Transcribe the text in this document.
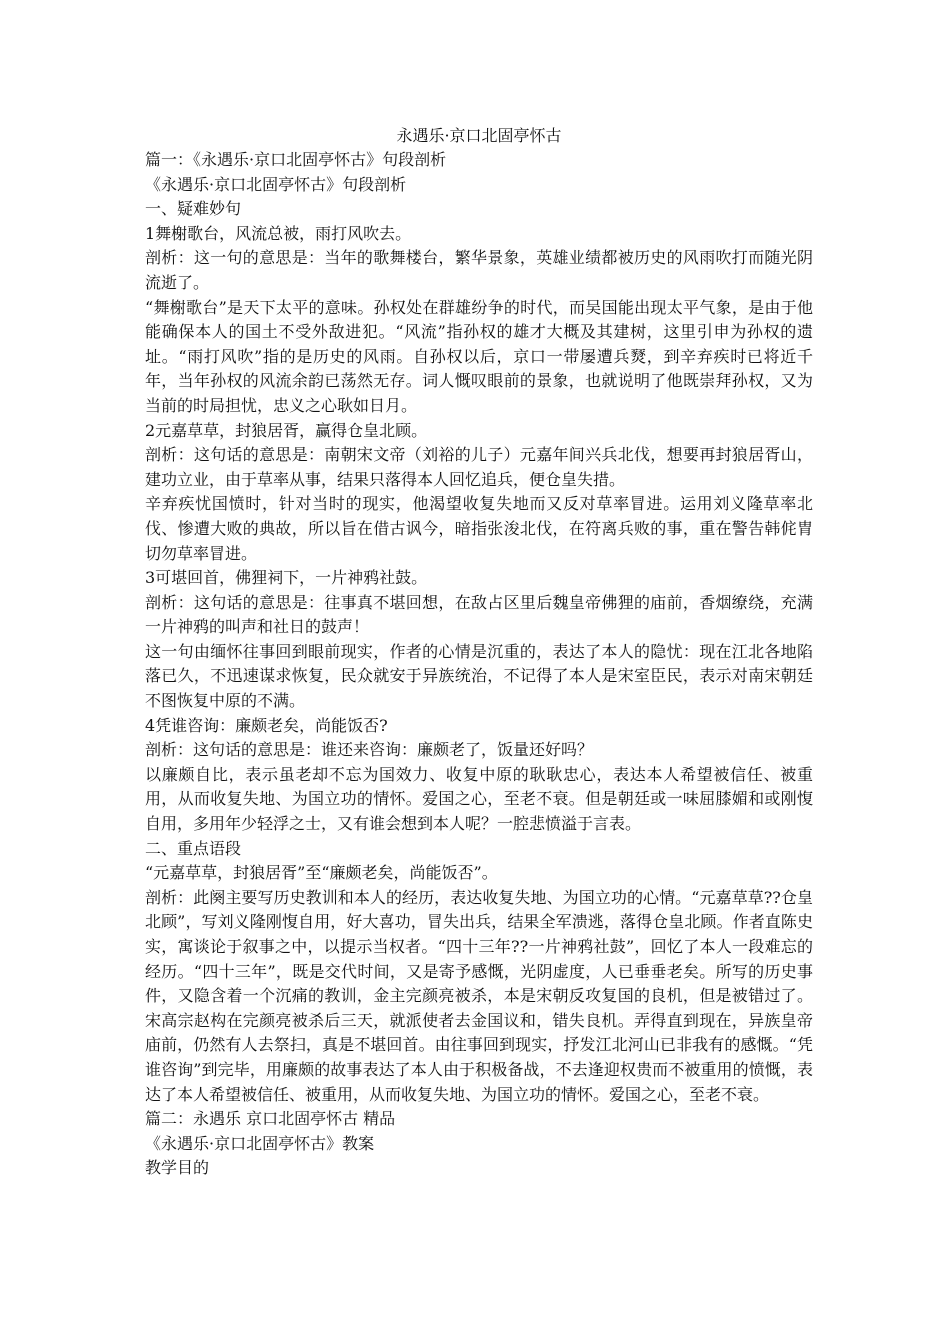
永遇乐·京口北固亭怀古

篇一：《永遇乐·京口北固亭怀古》句段剖析

《永遇乐·京口北固亭怀古》句段剖析

一、疑难妙句

1舞榭歌台，风流总被，雨打风吹去。

剖析：这一句的意思是：当年的歌舞楼台，繁华景象，英雄业绩都被历史的风雨吹打而随光阴流逝了。

“舞榭歌台”是天下太平的意味。孙权处在群雄纷争的时代，而吴国能出现太平气象，是由于他能确保本人的国土不受外敌进犯。“风流”指孙权的雄才大概及其建树，这里引申为孙权的遗址。“雨打风吹”指的是历史的风雨。自孙权以后，京口一带屡遭兵燹，到辛弃疾时已将近千年，当年孙权的风流余韵已荡然无存。词人慨叹眼前的景象，也就说明了他既崇拜孙权，又为当前的时局担忧，忠义之心耿如日月。

2元嘉草草，封狼居胥，赢得仓皇北顾。

剖析：这句话的意思是：南朝宋文帝（刘裕的儿子）元嘉年间兴兵北伐，想要再封狼居胥山，建功立业，由于草率从事，结果只落得本人回忆追兵，便仓皇失措。

辛弃疾忧国愤时，针对当时的现实，他渴望收复失地而又反对草率冒进。运用刘义隆草率北伐、惨遭大败的典故，所以旨在借古讽今，暗指张浚北伐，在符离兵败的事，重在警告韩侂胄切勿草率冒进。

3可堪回首，佛狸祠下，一片神鸦社鼓。

剖析：这句话的意思是：往事真不堪回想，在敌占区里后魏皇帝佛狸的庙前，香烟缭绕，充满一片神鸦的叫声和社日的鼓声！

这一句由缅怀往事回到眼前现实，作者的心情是沉重的，表达了本人的隐忧：现在江北各地陷落已久，不迅速谋求恢复，民众就安于异族统治，不记得了本人是宋室臣民，表示对南宋朝廷不图恢复中原的不满。

4凭谁咨询：廉颇老矣，尚能饭否?

剖析：这句话的意思是：谁还来咨询：廉颇老了，饭量还好吗？

以廉颇自比，表示虽老却不忘为国效力、收复中原的耿耿忠心，表达本人希望被信任、被重用，从而收复失地、为国立功的情怀。爱国之心，至老不衰。但是朝廷或一味屈膝媚和或刚愎自用，多用年少轻浮之士，又有谁会想到本人呢？一腔悲愤溢于言表。

二、重点语段

“元嘉草草，封狼居胥”至“廉颇老矣，尚能饭否”。

剖析：此阕主要写历史教训和本人的经历，表达收复失地、为国立功的心情。“元嘉草草??仓皇北顾”，写刘义隆刚愎自用，好大喜功，冒失出兵，结果全军溃逃，落得仓皇北顾。作者直陈史实，寓谈论于叙事之中，以提示当权者。“四十三年??一片神鸦社鼓”，回忆了本人一段难忘的经历。“四十三年”，既是交代时间，又是寄予感慨，光阴虚度，人已垂垂老矣。所写的历史事件，又隐含着一个沉痛的教训，金主完颜亮被杀，本是宋朝反攻复国的良机，但是被错过了。宋高宗赵构在完颜亮被杀后三天，就派使者去金国议和，错失良机。弄得直到现在，异族皇帝庙前，仍然有人去祭扫，真是不堪回首。由往事回到现实，抒发江北河山已非我有的感慨。“凭谁咨询”到完毕，用廉颇的故事表达了本人由于积极备战，不去逢迎权贵而不被重用的愤慨，表达了本人希望被信任、被重用，从而收复失地、为国立功的情怀。爱国之心，至老不衰。

篇二：永遇乐 京口北固亭怀古 精品

《永遇乐·京口北固亭怀古》教案

教学目的
